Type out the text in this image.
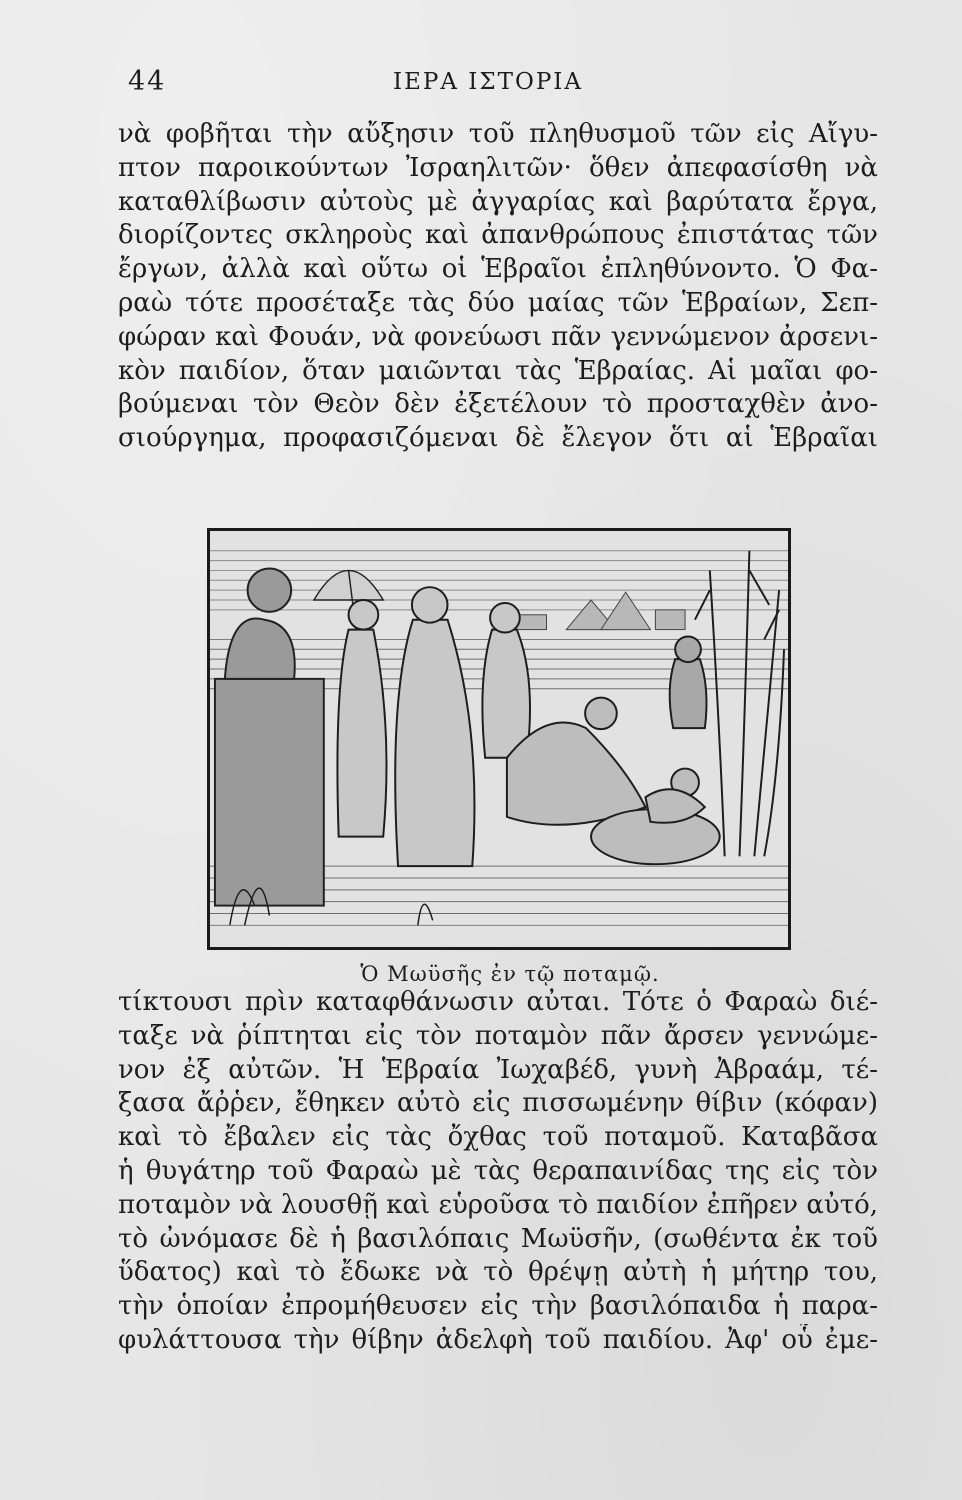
44	ΙΕΡΑ ΙΣΤΟΡΙΑ
νὰ φοβῆται τὴν αὔξησιν τοῦ πληθυσμοῦ τῶν εἰς Αἴγυ-
πτον παροικούντων Ἰσραηλιτῶν· ὅθεν ἀπεφασίσθη νὰ
καταθλίβωσιν αὐτοὺς μὲ ἀγγαρίας καὶ βαρύτατα ἔργα,
διορίζοντες σκληροὺς καὶ ἀπανθρώπους ἐπιστάτας τῶν
ἔργων, ἀλλὰ καὶ οὕτω οἱ Ἑβραῖοι ἐπληθύνοντο. Ὁ Φα-
ραὼ τότε προσέταξε τὰς δύο μαίας τῶν Ἑβραίων, Σεπ-
φώραν καὶ Φουάν, νὰ φονεύωσι πᾶν γεννώμενον ἀρσενι-
κὸν παιδίον, ὅταν μαιῶνται τὰς Ἑβραίας. Αἱ μαῖαι φο-
βούμεναι τὸν Θεὸν δὲν ἐξετέλουν τὸ προσταχθὲν ἀνο-
σιούργημα, προφασιζόμεναι δὲ ἔλεγον ὅτι αἱ Ἑβραῖαι
Ὁ Μωϋσῆς ἐν τῷ ποταμῷ.
τίκτουσι πρὶν καταφθάνωσιν αὐται. Τότε ὁ Φαραὼ διέ-
ταξε νὰ ῥίπτηται εἰς τὸν ποταμὸν πᾶν ἄρσεν γεννώμε-
νον ἐξ αὐτῶν. Ἡ Ἑβραία Ἰωχαβέδ, γυνὴ Ἀβραάμ, τέ-
ξασα ἄῤῥεν, ἔθηκεν αὐτὸ εἰς πισσωμένην θίβιν (κόφαν)
καὶ τὸ ἔβαλεν εἰς τὰς ὄχθας τοῦ ποταμοῦ. Καταβᾶσα
ἡ θυγάτηρ τοῦ Φαραὼ μὲ τὰς θεραπαινίδας της εἰς τὸν
ποταμὸν νὰ λουσθῇ καὶ εὑροῦσα τὸ παιδίον ἐπῆρεν αὐτό,
τὸ ὠνόμασε δὲ ἡ βασιλόπαις Μωϋσῆν, (σωθέντα ἐκ τοῦ
ὕδατος) καὶ τὸ ἔδωκε νὰ τὸ θρέψῃ αὐτὴ ἡ μήτηρ του,
τὴν ὁποίαν ἐπρομήθευσεν εἰς τὴν βασιλόπαιδα ἡ παρα-
φυλάττουσα τὴν θίβην ἀδελφὴ τοῦ παιδίου. Ἀφ' οὗ ἐμε-
